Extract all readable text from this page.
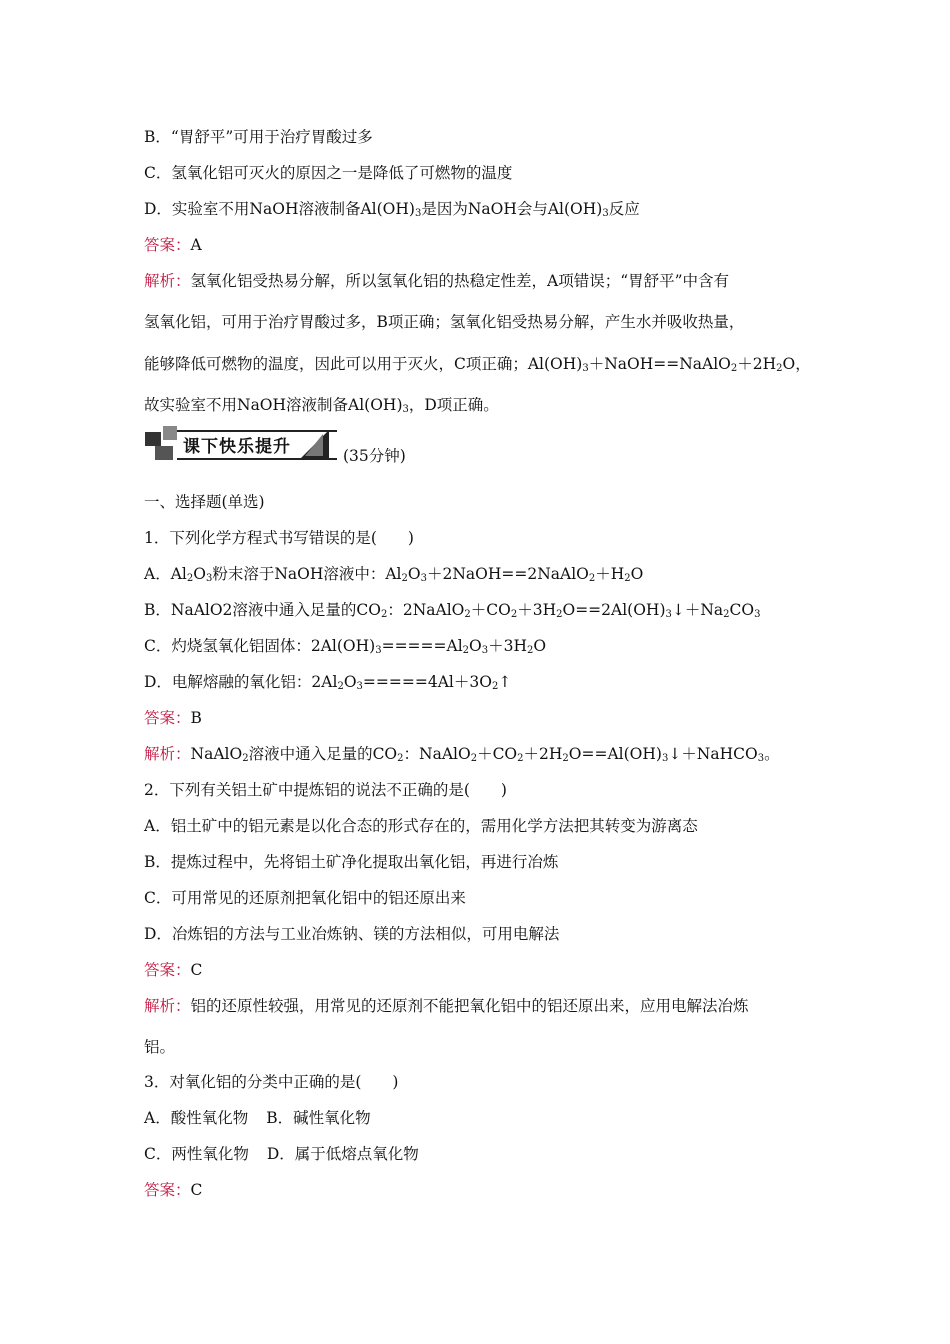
B．“胃舒平”可用于治疗胃酸过多
C．氢氧化铝可灭火的原因之一是降低了可燃物的温度
D．实验室不用NaOH溶液制备$Al(OH)_3$是因为NaOH会与$Al(OH)_3$反应
答案：A
解析：氢氧化铝受热易分解，所以氢氧化铝的热稳定性差，A项错误；“胃舒平”中含有
氢氧化铝，可用于治疗胃酸过多，B项正确；氢氧化铝受热易分解，产生水并吸收热量，
能够降低可燃物的温度，因此可以用于灭火，C项正确；$Al(OH)_3+NaOH==NaAlO_2+2H_2O$，
故实验室不用NaOH溶液制备$Al(OH)_3$，D项正确。
课下快乐提升	(35分钟)
一、选择题(单选)
1．下列化学方程式书写错误的是(　　)
A．$Al_2O_3$粉末溶于NaOH溶液中：$Al_2O_3+2NaOH==2NaAlO_2+H_2O$
B．NaAlO2溶液中通入足量的$CO_2$：$2NaAlO_2+CO_2+3H_2O==2Al(OH)_3↓+Na_2CO_3$
C．灼烧氢氧化铝固体：$2Al(OH)_3=====Al_2O_3+3H_2O$
D．电解熔融的氧化铝：$2Al_2O_3=====4Al+3O_2↑$
答案：B
解析：NaAlO$_2$溶液中通入足量的$CO_2$：$NaAlO_2+CO_2+2H_2O==Al(OH)_3↓+NaHCO_3$。
2．下列有关铝土矿中提炼铝的说法不正确的是(　　)
A．铝土矿中的铝元素是以化合态的形式存在的，需用化学方法把其转变为游离态
B．提炼过程中，先将铝土矿净化提取出氧化铝，再进行冶炼
C．可用常见的还原剂把氧化铝中的铝还原出来
D．冶炼铝的方法与工业冶炼钠、镁的方法相似，可用电解法
答案：C
解析：铝的还原性较强，用常见的还原剂不能把氧化铝中的铝还原出来，应用电解法冶炼
铝。
3．对氧化铝的分类中正确的是(　　)
A．酸性氧化物 B．碱性氧化物
C．两性氧化物 D．属于低熔点氧化物
答案：C
